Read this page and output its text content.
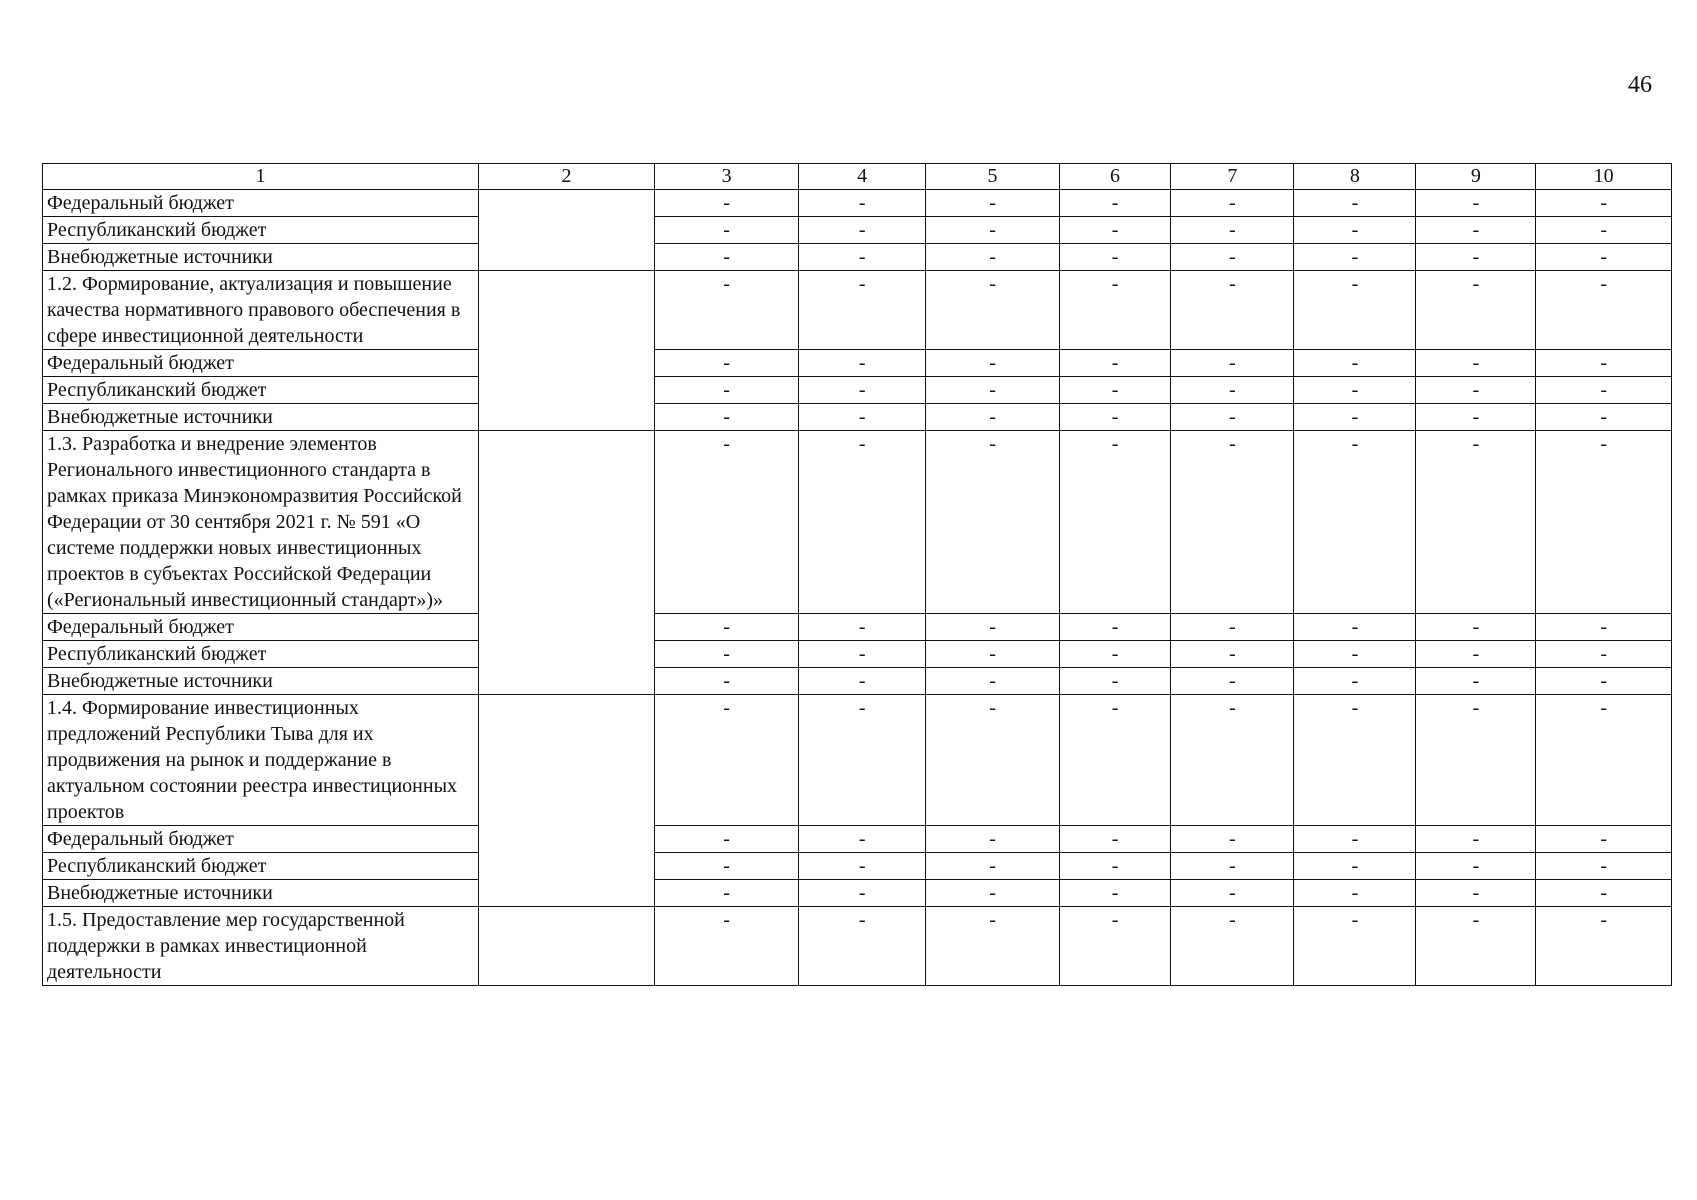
46
1	2	3	4	5	6	7	8	9	10
Федеральный бюджет		-	-	-	-	-	-	-	-
Республиканский бюджет		-	-	-	-	-	-	-	-
Внебюджетные источники		-	-	-	-	-	-	-	-
1.2. Формирование, актуализация и повышение качества нормативного правового обеспечения в сфере инвестиционной деятельности		-	-	-	-	-	-	-	-
Федеральный бюджет		-	-	-	-	-	-	-	-
Республиканский бюджет		-	-	-	-	-	-	-	-
Внебюджетные источники		-	-	-	-	-	-	-	-
1.3. Разработка и внедрение элементов Регионального инвестиционного стандарта в рамках приказа Минэкономразвития Российской Федерации от 30 сентября 2021 г. № 591 «О системе поддержки новых инвестиционных проектов в субъектах Российской Федерации («Региональный инвестиционный стандарт»)»		-	-	-	-	-	-	-	-
Федеральный бюджет		-	-	-	-	-	-	-	-
Республиканский бюджет		-	-	-	-	-	-	-	-
Внебюджетные источники		-	-	-	-	-	-	-	-
1.4. Формирование инвестиционных предложений Республики Тыва для их продвижения на рынок и поддержание в актуальном состоянии реестра инвестиционных проектов		-	-	-	-	-	-	-	-
Федеральный бюджет		-	-	-	-	-	-	-	-
Республиканский бюджет		-	-	-	-	-	-	-	-
Внебюджетные источники		-	-	-	-	-	-	-	-
1.5. Предоставление мер государственной поддержки в рамках инвестиционной деятельности		-	-	-	-	-	-	-	-
